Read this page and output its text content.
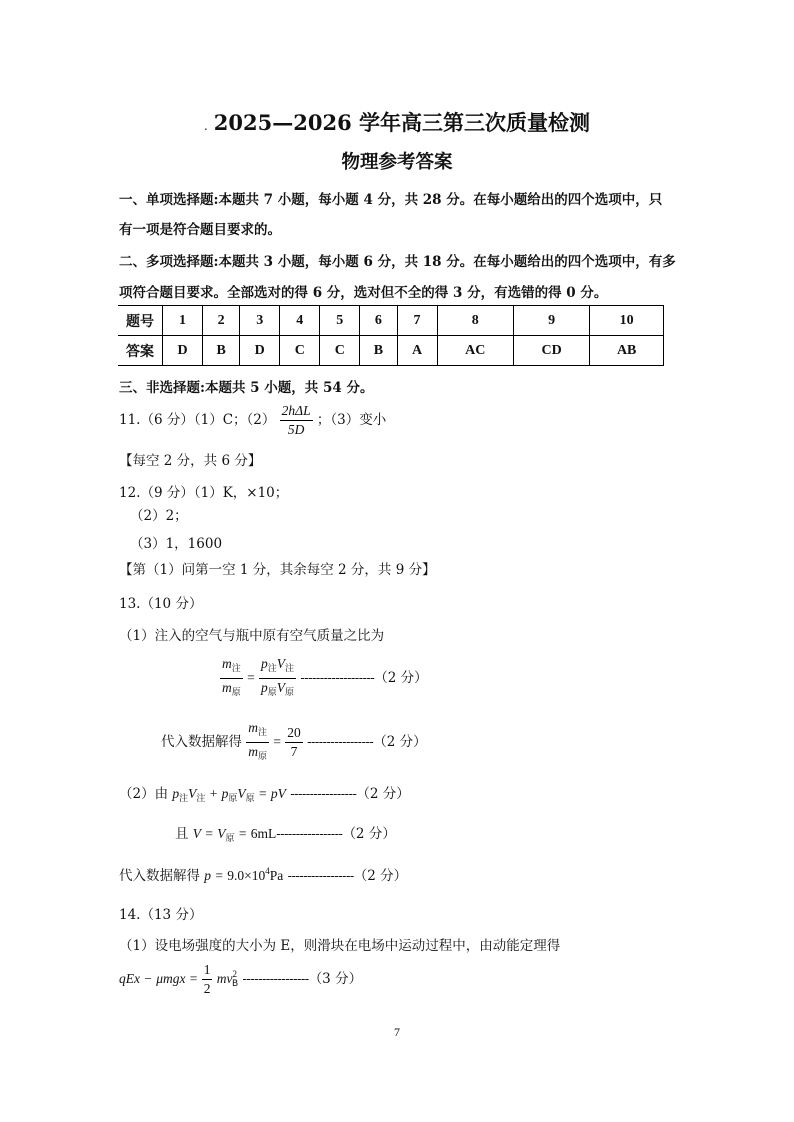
. 2025—2026 学年高三第三次质量检测
物理参考答案
一、单项选择题:本题共 7 小题，每小题 4 分，共 28 分。在每小题给出的四个选项中，只
有一项是符合题目要求的。
二、多项选择题:本题共 3 小题，每小题 6 分，共 18 分。在每小题给出的四个选项中，有多
项符合题目要求。全部选对的得 6 分，选对但不全的得 3 分，有选错的得 0 分。
题号	1	2	3	4	5	6	7	8	9	10
答案	D	B	D	C	C	B	A	AC	CD	AB
三、非选择题:本题共 5 小题，共 54 分。
11.（6 分）（1）C；$(2) \frac{\text{2hΔL}}{5D}$ ；（3）变小
【每空 2 分，共 6 分】
12.（9 分）（1）K，×10；
（2）2；
（3）1，1600
【第（1）问第一空 1 分，其余每空 2 分，共 9 分】
13.（10 分）
（1）注入的空气与瓶中原有空气质量之比为
$\frac{m_注}{m_原} = \frac{p_注V_注}{p_原V_原} -------------------(2$ 分）
代入数据解得 $\frac{m_注}{m_原} = \frac{20}{7} -----------------(2$ 分）
（2）由 $p_注V_注 + p_原V_原$ = pV -----------------（2 分）
且 $V = V_原 = 6mL-----------------(2$ 分）
代入数据解得 $p = 9.0\times 10^4Pa$ -----------------（2 分）
14.（13 分）
（1）设电场强度的大小为 E，则滑块在电场中运动过程中，由动能定理得
qEx − $\mu mgx = \frac{1}{2} mv^2_B$ -----------------（3 分）
7
